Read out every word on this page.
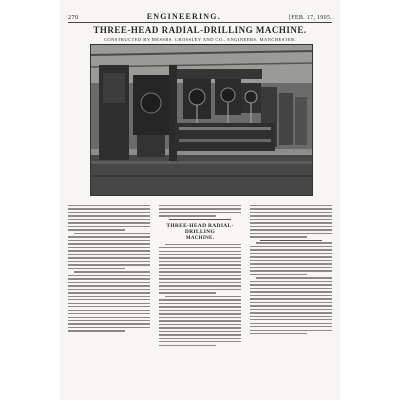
270	ENGINEERING.	[FEB. 17, 1905.
THREE-HEAD RADIAL-DRILLING MACHINE.
CONSTRUCTED BY MESSRS. CROSSLEY AND CO., ENGINEERS, MANCHESTER.
THREE-HEAD RADIAL-DRILLING
MACHINE.
